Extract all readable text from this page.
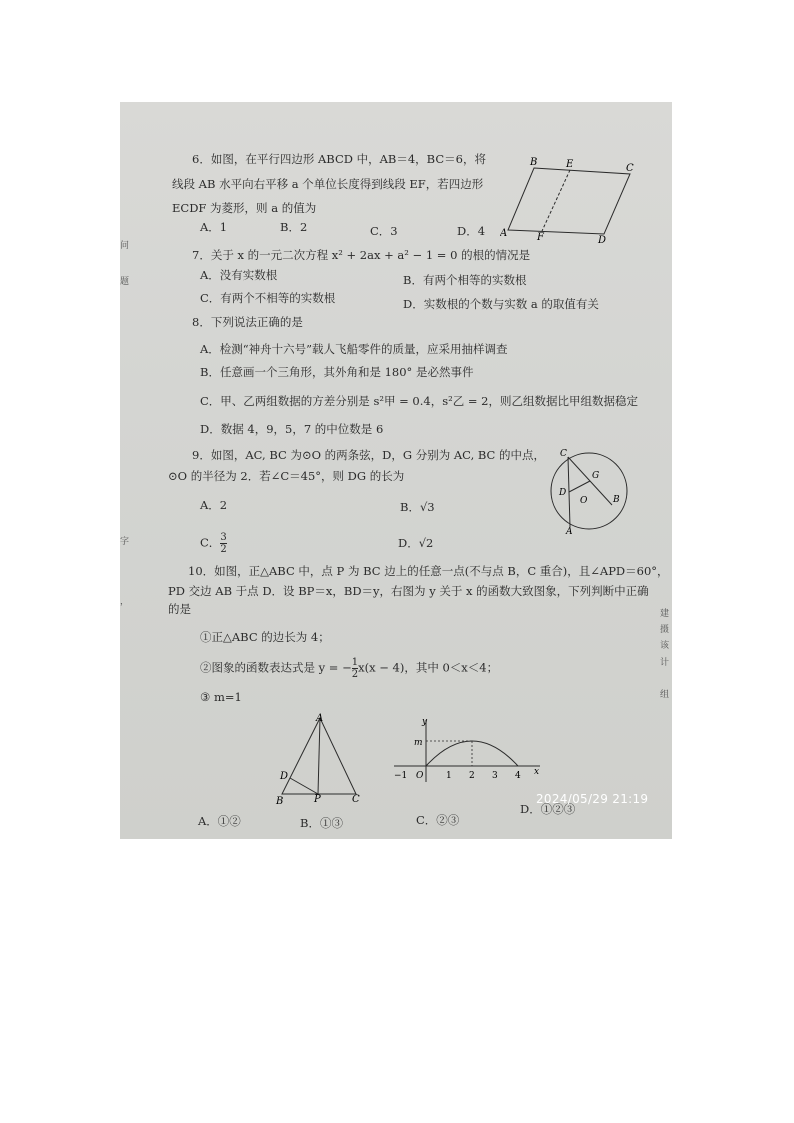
6．如图，在平行四边形 ABCD 中，AB＝4，BC＝6，将
线段 AB 水平向右平移 a 个单位长度得到线段 EF，若四边形
ECDF 为菱形，则 a 的值为
A．1	B．2	C．3	D．4
B	E	C
A	F	D
7．关于 x 的一元二次方程 x² + 2ax + a² − 1 = 0 的根的情况是
A．没有实数根	B．有两个相等的实数根
C．有两个不相等的实数根	D．实数根的个数与实数 a 的取值有关
8．下列说法正确的是
A．检测“神舟十六号”载人飞船零件的质量，应采用抽样调查
B．任意画一个三角形，其外角和是 180° 是必然事件
C．甲、乙两组数据的方差分别是 s²甲 = 0.4，s²乙 = 2，则乙组数据比甲组数据稳定
D．数据 4，9，5，7 的中位数是 6
9．如图，AC, BC 为⊙O 的两条弦，D，G 分别为 AC, BC 的中点，
⊙O 的半径为 2．若∠C＝45°，则 DG 的长为
A．2	B．√3
C． $\frac{3}{2}$	D．√2
C
G
D
O	B
A
10．如图，正△ABC 中，点 P 为 BC 边上的任意一点(不与点 B，C 重合)，且∠APD＝60°，
PD 交边 AB 于点 D．设 BP＝x，BD＝y，右图为 y 关于 x 的函数大致图象，下列判断中正确
的是
①正△ABC 的边长为 4；
②图象的函数表达式是 y = − $\frac{1}{2} x(x - 4)$，其中 0＜x＜4；
③ m=1
A
D
B	P	C
y
x
m
−1 O	1 2 3 4
A．①②	B．①③	C．②③
D．①②③
问
题
字
，
建
摄
该
计
组
2024/05/29 21:19
